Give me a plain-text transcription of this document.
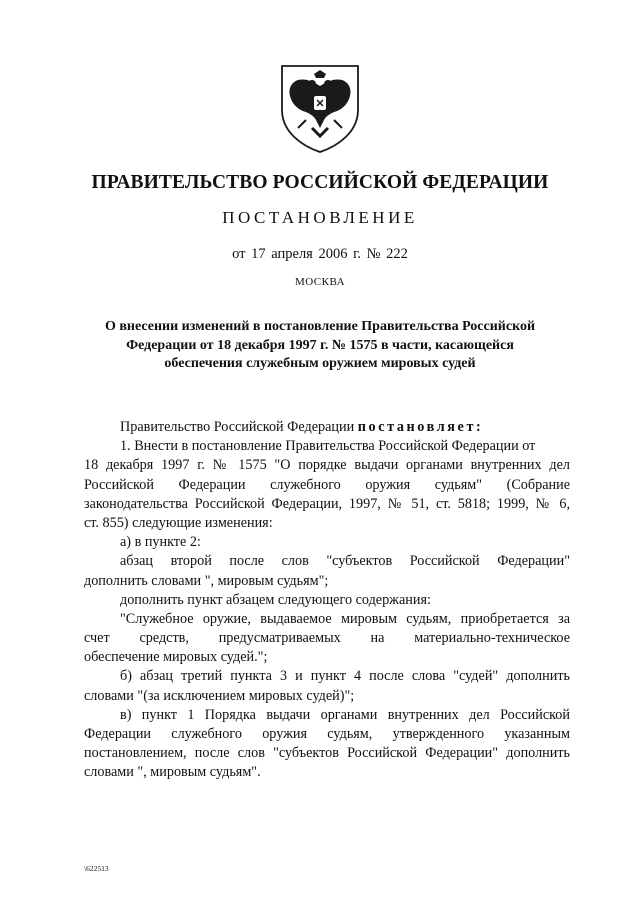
ПРАВИТЕЛЬСТВО РОССИЙСКОЙ ФЕДЕРАЦИИ
ПОСТАНОВЛЕНИЕ
от 17 апреля 2006 г. № 222
МОСКВА
О внесении изменений в постановление Правительства Российской
Федерации от 18 декабря 1997 г. № 1575 в части, касающейся
обеспечения служебным оружием мировых судей
Правительство Российской Федерации постановляет:
1. Внести в постановление Правительства Российской Федерации от
18 декабря 1997 г. № 1575 "О порядке выдачи органами внутренних дел
Российской Федерации служебного оружия судьям" (Собрание
законодательства Российской Федерации, 1997, № 51, ст. 5818; 1999, № 6,
ст. 855) следующие изменения:
а) в пункте 2:
абзац второй после слов "субъектов Российской Федерации"
дополнить словами ", мировым судьям";
дополнить пункт абзацем следующего содержания:
"Служебное оружие, выдаваемое мировым судьям, приобретается за
счет средств, предусматриваемых на материально-техническое
обеспечение мировых судей.";
б) абзац третий пункта 3 и пункт 4 после слова "судей" дополнить
словами "(за исключением мировых судей)";
в) пункт 1 Порядка выдачи органами внутренних дел Российской
Федерации служебного оружия судьям, утвержденного указанным
постановлением, после слов "субъектов Российской Федерации" дополнить
словами ", мировым судьям".
\622513
